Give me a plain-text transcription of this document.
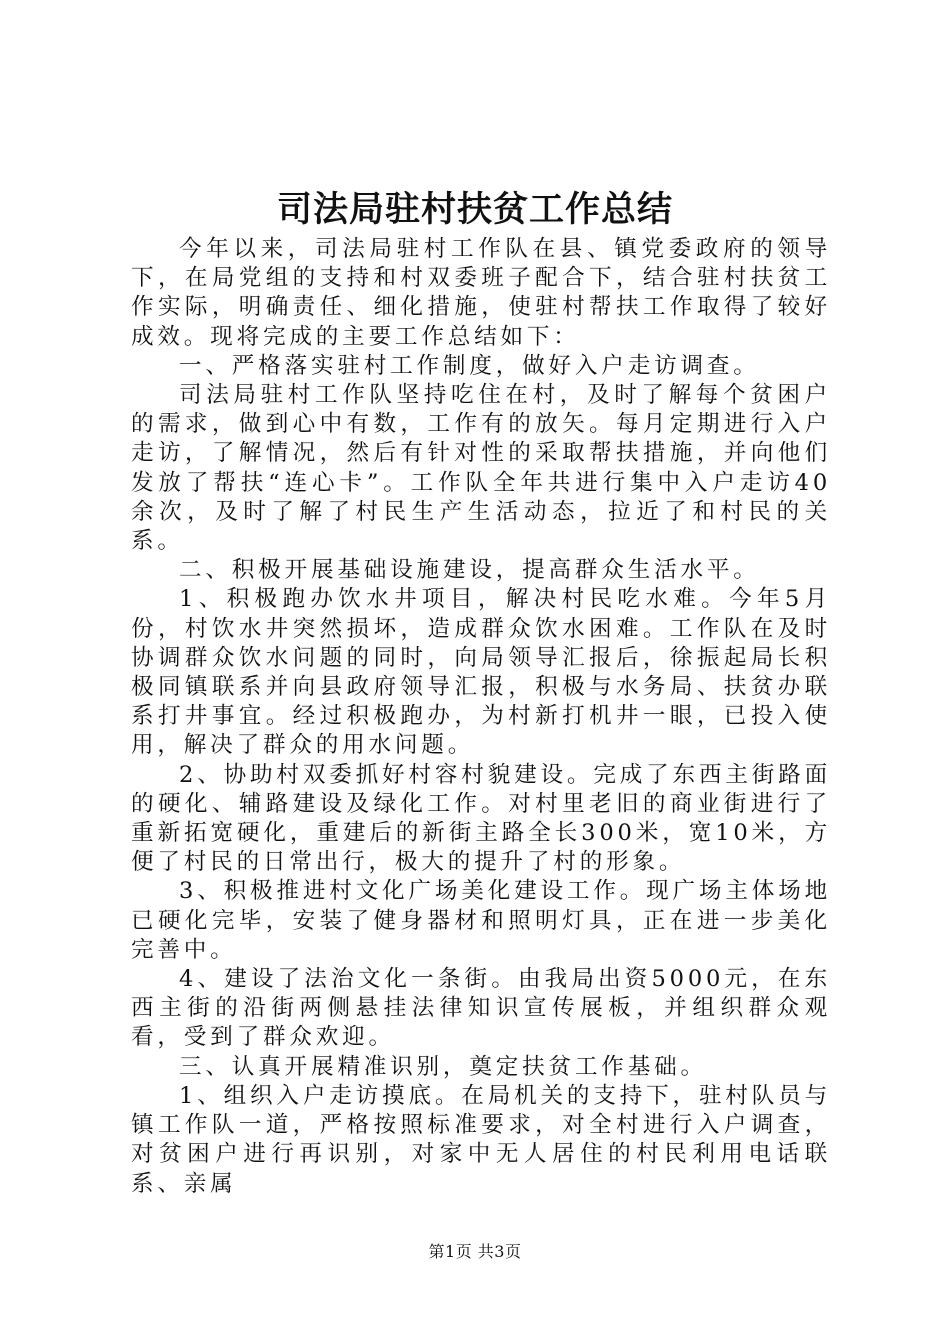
司法局驻村扶贫工作总结

今年以来，司法局驻村工作队在县、镇党委政府的领导下，在局党组的支持和村双委班子配合下，结合驻村扶贫工作实际，明确责任、细化措施，使驻村帮扶工作取得了较好成效。现将完成的主要工作总结如下：

一、严格落实驻村工作制度，做好入户走访调查。

司法局驻村工作队坚持吃住在村，及时了解每个贫困户的需求，做到心中有数，工作有的放矢。每月定期进行入户走访，了解情况，然后有针对性的采取帮扶措施，并向他们发放了帮扶“连心卡”。工作队全年共进行集中入户走访40余次，及时了解了村民生产生活动态，拉近了和村民的关系。

二、积极开展基础设施建设，提高群众生活水平。

1、积极跑办饮水井项目，解决村民吃水难。今年5月份，村饮水井突然损坏，造成群众饮水困难。工作队在及时协调群众饮水问题的同时，向局领导汇报后，徐振起局长积极同镇联系并向县政府领导汇报，积极与水务局、扶贫办联系打井事宜。经过积极跑办，为村新打机井一眼，已投入使用，解决了群众的用水问题。

2、协助村双委抓好村容村貌建设。完成了东西主街路面的硬化、辅路建设及绿化工作。对村里老旧的商业街进行了重新拓宽硬化，重建后的新街主路全长300米，宽10米，方便了村民的日常出行，极大的提升了村的形象。

3、积极推进村文化广场美化建设工作。现广场主体场地已硬化完毕，安装了健身器材和照明灯具，正在进一步美化完善中。

4、建设了法治文化一条街。由我局出资5000元，在东西主街的沿街两侧悬挂法律知识宣传展板，并组织群众观看，受到了群众欢迎。

三、认真开展精准识别，奠定扶贫工作基础。

1、组织入户走访摸底。在局机关的支持下，驻村队员与镇工作队一道，严格按照标准要求，对全村进行入户调查，对贫困户进行再识别，对家中无人居住的村民利用电话联系、亲属

第1页 共3页
